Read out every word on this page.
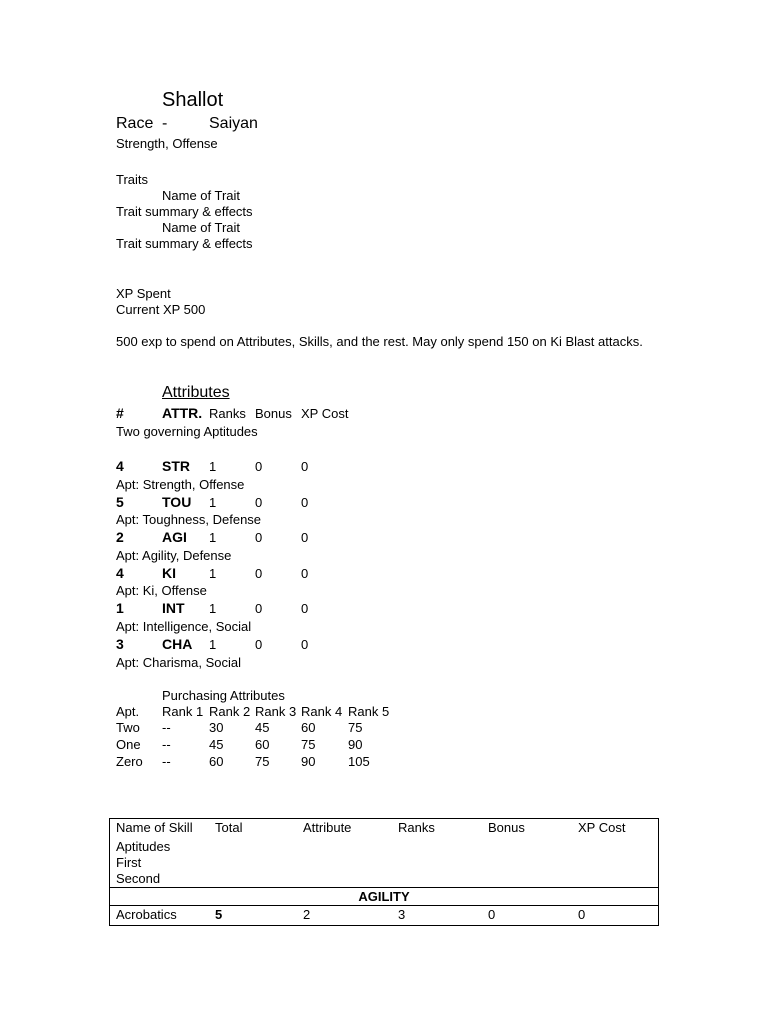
Shallot
Race -	Saiyan
Strength, Offense
Traits
Name of Trait
Trait summary & effects
Name of Trait
Trait summary & effects
XP Spent
Current XP 500
500 exp to spend on Attributes, Skills, and the rest. May only spend 150 on Ki Blast attacks.
Attributes
#	ATTR. Ranks Bonus XP Cost
Two governing Aptitudes
4	STR 1	0	0
Apt: Strength, Offense
5	TOU 1	0	0
Apt: Toughness, Defense
2	AGI 1	0	0
Apt: Agility, Defense
4	KI	1	0	0
Apt: Ki, Offense
1	INT 1	0	0
Apt: Intelligence, Social
3	CHA 1	0	0
Apt: Charisma, Social
Purchasing Attributes
Apt. Rank 1 Rank 2 Rank 3 Rank 4 Rank 5
Two --	30 45 60	75
One --	45 60 75	90
Zero --	60 75 90	105
Name of Skill Total	Attribute	Ranks	Bonus	XP Cost
Aptitudes
First
Second

AGILITY

Acrobatics	5	2	3	0	0
